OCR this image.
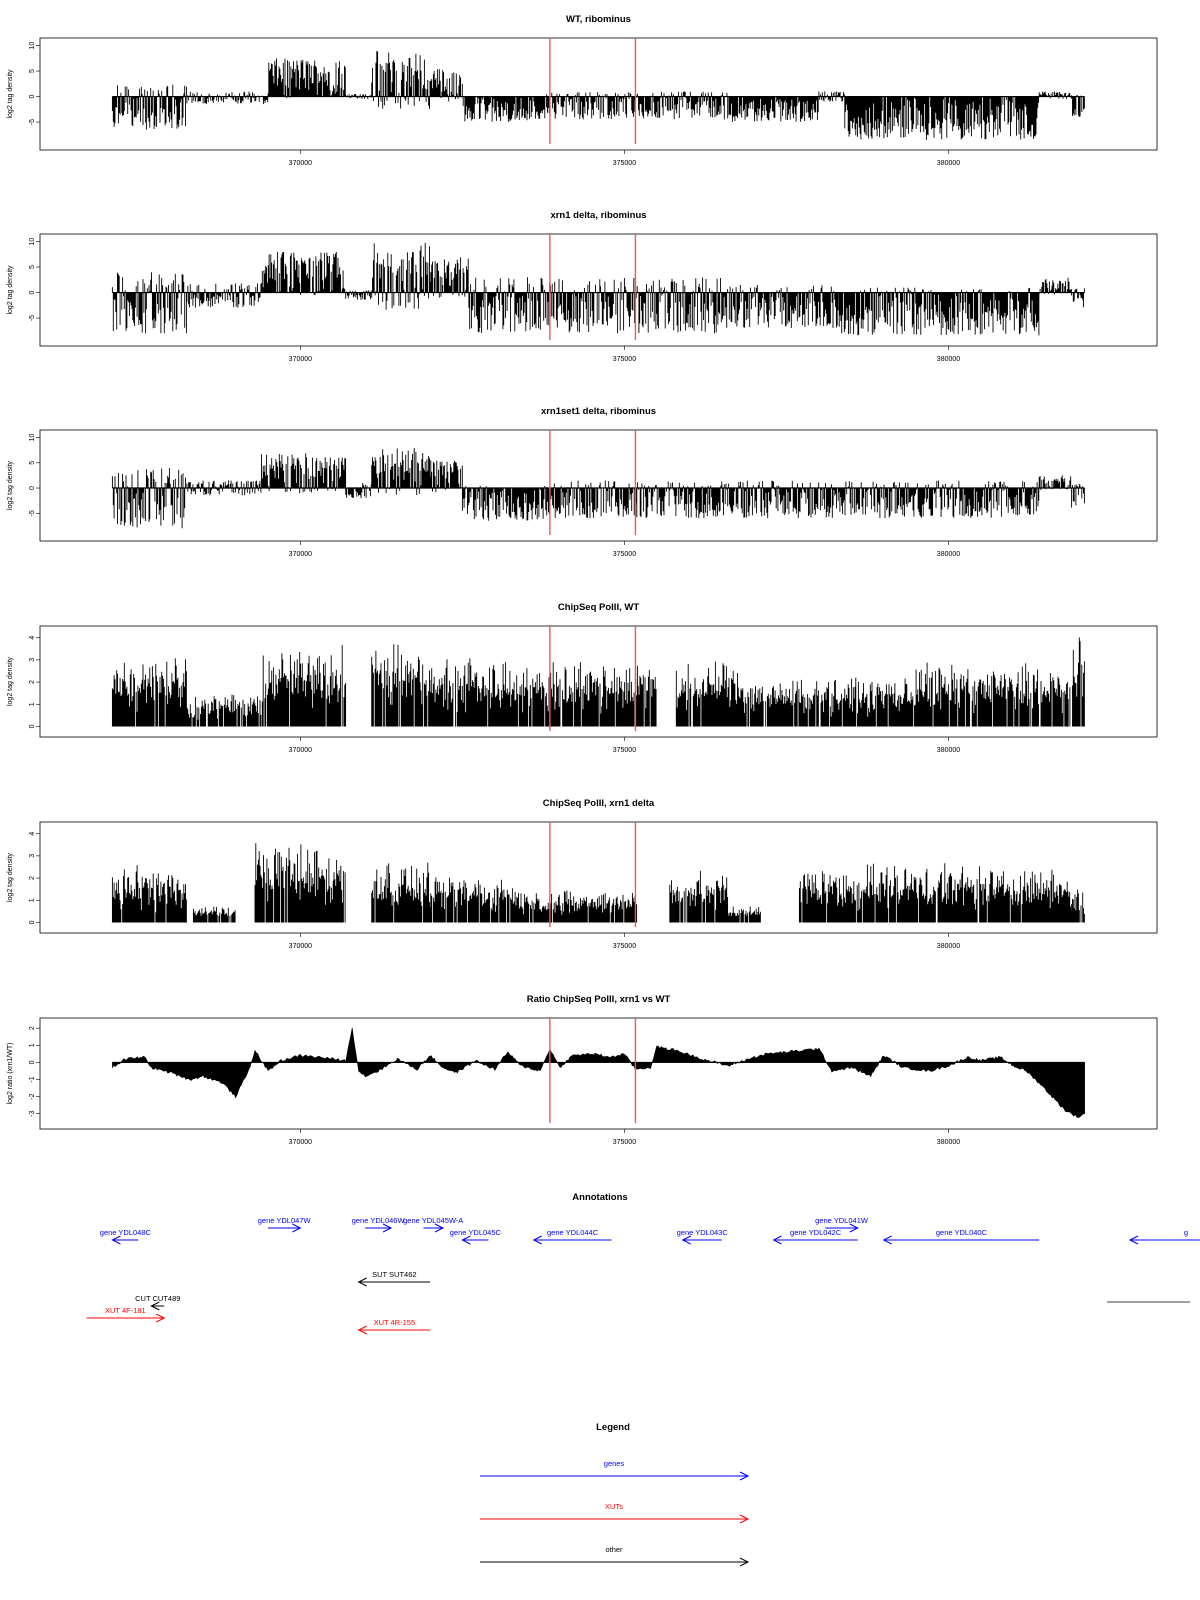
WT, ribominus
10
5
0
-5
log2 tag density
370000	375000	380000
xrn1 delta, ribominus
10
5
0
-5
log2 tag density
370000	375000	380000
xrn1set1 delta, ribominus
10
5
0
-5
log2 tag density
370000	375000	380000
ChipSeq PolII, WT
4
3
2
1
0
log2 tag density
370000	375000	380000
ChipSeq PolII, xrn1 delta
4
3
2
1
0
log2 tag density
370000	375000	380000
Ratio ChipSeq PolII, xrn1 vs WT
2
1
0
-1
-2
-3
log2 ratio (xrn1/WT)
370000	375000	380000
Annotations
gene YDL048C
gene YDL047W	gene YDL046W
gene YDL045W-A
gene YDL045C	gene YDL044C	gene YDL043C	gene YDL042C
gene YDL041W
gene YDL040C	g
SUT SUT462
CUT CUT489
XUT 4F-181
XUT 4R-155
Legend
genes
XUTs
other
